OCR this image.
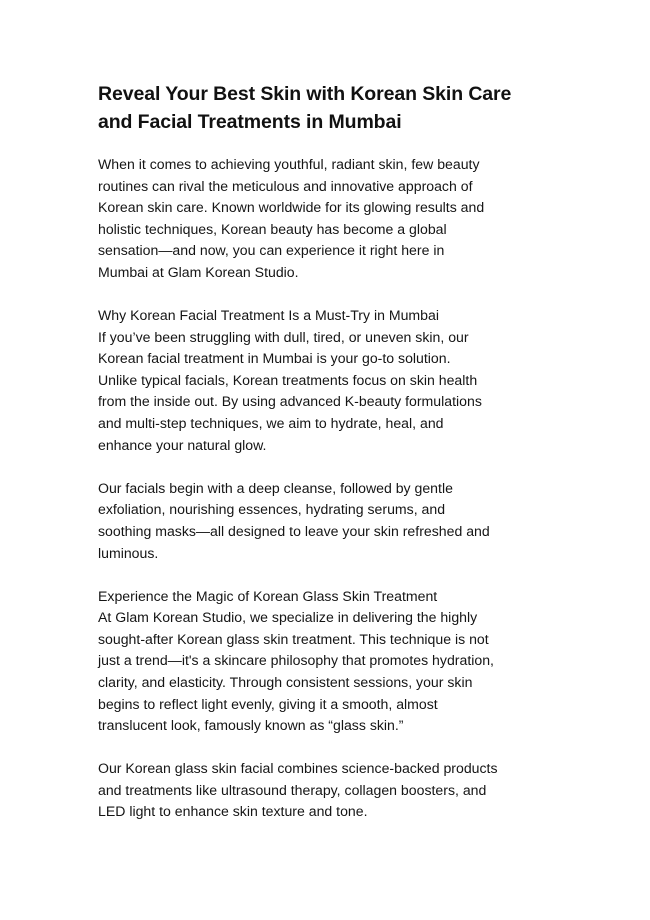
Reveal Your Best Skin with Korean Skin Care
and Facial Treatments in Mumbai

When it comes to achieving youthful, radiant skin, few beauty
routines can rival the meticulous and innovative approach of
Korean skin care. Known worldwide for its glowing results and
holistic techniques, Korean beauty has become a global
sensation—and now, you can experience it right here in
Mumbai at Glam Korean Studio.

Why Korean Facial Treatment Is a Must-Try in Mumbai
If you’ve been struggling with dull, tired, or uneven skin, our
Korean facial treatment in Mumbai is your go-to solution.
Unlike typical facials, Korean treatments focus on skin health
from the inside out. By using advanced K-beauty formulations
and multi-step techniques, we aim to hydrate, heal, and
enhance your natural glow.

Our facials begin with a deep cleanse, followed by gentle
exfoliation, nourishing essences, hydrating serums, and
soothing masks—all designed to leave your skin refreshed and
luminous.

Experience the Magic of Korean Glass Skin Treatment
At Glam Korean Studio, we specialize in delivering the highly
sought-after Korean glass skin treatment. This technique is not
just a trend—it's a skincare philosophy that promotes hydration,
clarity, and elasticity. Through consistent sessions, your skin
begins to reflect light evenly, giving it a smooth, almost
translucent look, famously known as “glass skin.”

Our Korean glass skin facial combines science-backed products
and treatments like ultrasound therapy, collagen boosters, and
LED light to enhance skin texture and tone.
